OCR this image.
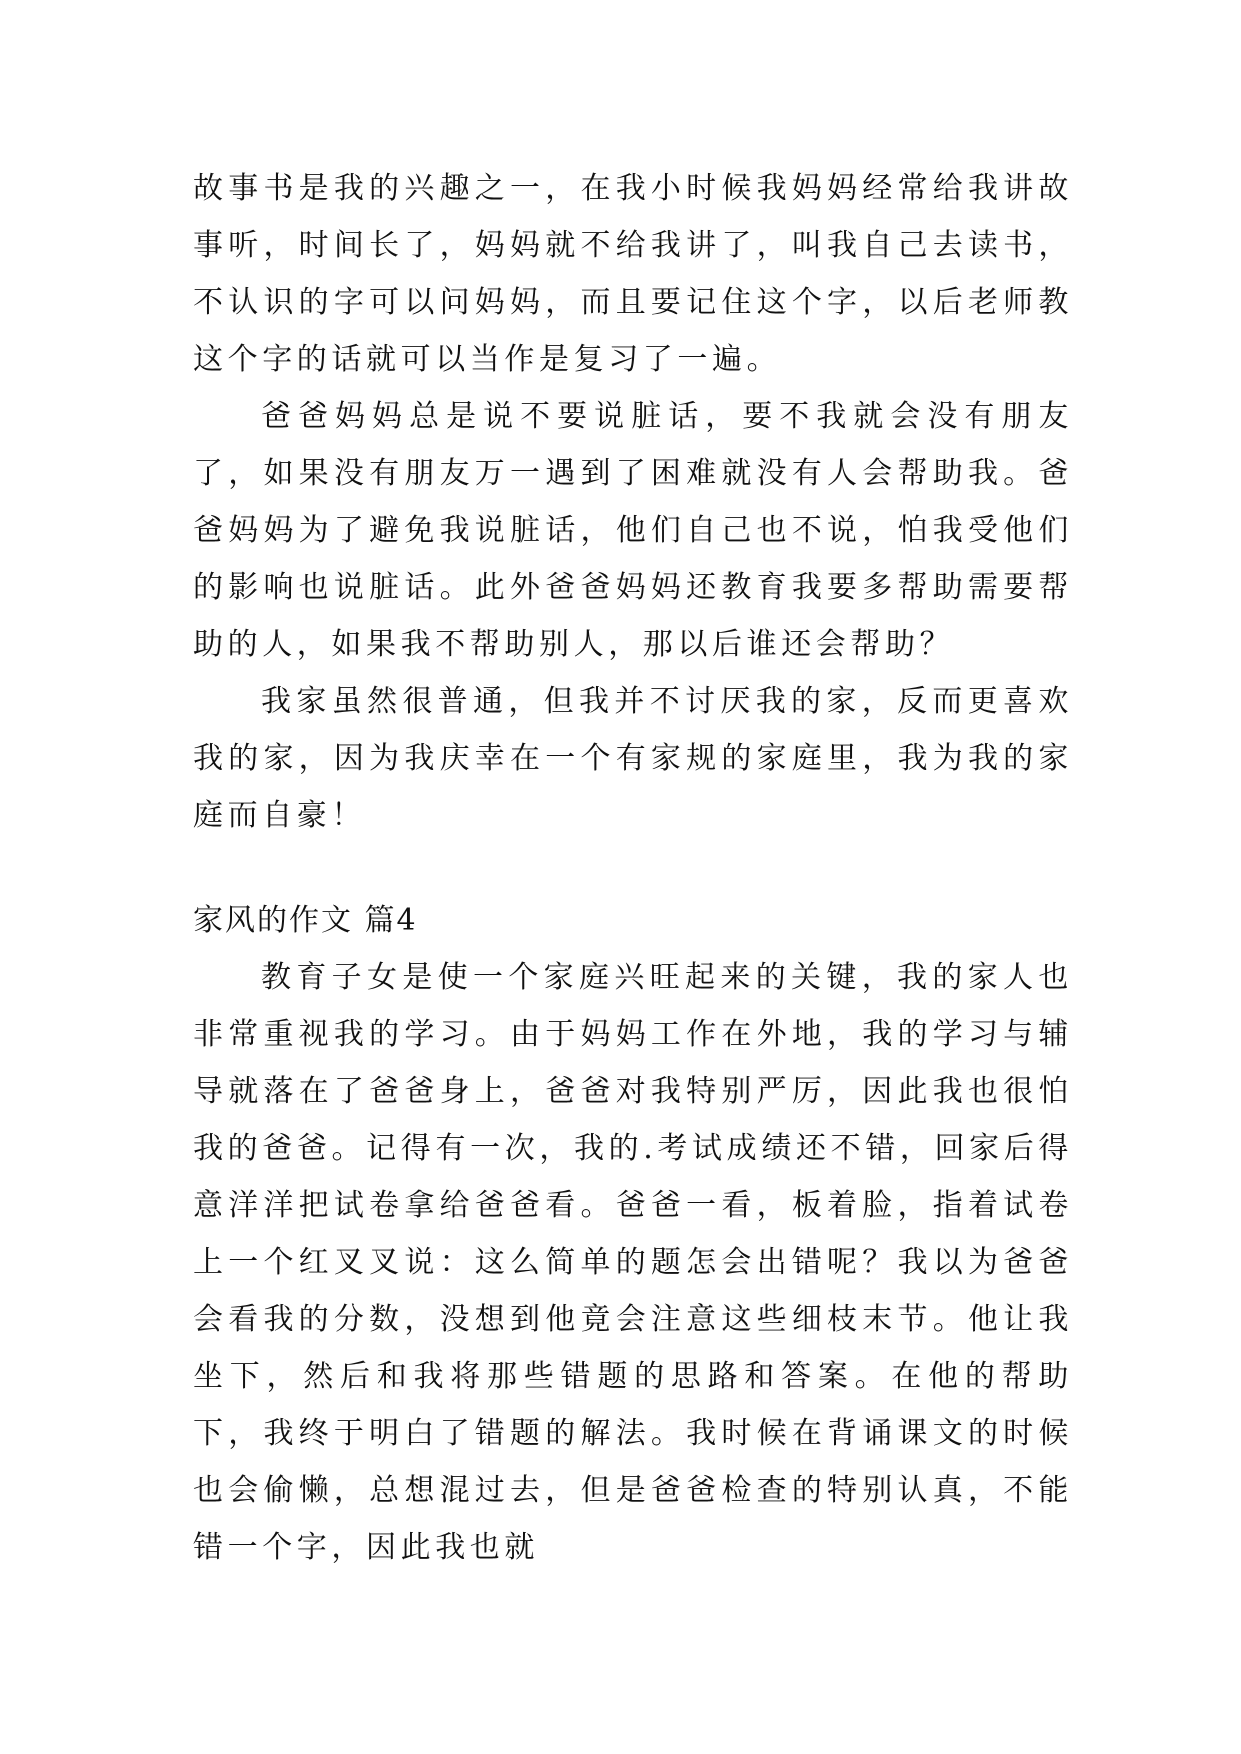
故事书是我的兴趣之一，在我小时候我妈妈经常给我讲故事听，时间长了，妈妈就不给我讲了，叫我自己去读书，不认识的字可以问妈妈，而且要记住这个字，以后老师教这个字的话就可以当作是复习了一遍。

爸爸妈妈总是说不要说脏话，要不我就会没有朋友了，如果没有朋友万一遇到了困难就没有人会帮助我。爸爸妈妈为了避免我说脏话，他们自己也不说，怕我受他们的影响也说脏话。此外爸爸妈妈还教育我要多帮助需要帮助的人，如果我不帮助别人，那以后谁还会帮助？

我家虽然很普通，但我并不讨厌我的家，反而更喜欢我的家，因为我庆幸在一个有家规的家庭里，我为我的家庭而自豪！

家风的作文 篇4

教育子女是使一个家庭兴旺起来的关键，我的家人也非常重视我的学习。由于妈妈工作在外地，我的学习与辅导就落在了爸爸身上，爸爸对我特别严厉，因此我也很怕我的爸爸。记得有一次，我的.考试成绩还不错，回家后得意洋洋把试卷拿给爸爸看。爸爸一看，板着脸，指着试卷上一个红叉叉说：这么简单的题怎会出错呢？我以为爸爸会看我的分数，没想到他竟会注意这些细枝末节。他让我坐下，然后和我将那些错题的思路和答案。在他的帮助下，我终于明白了错题的解法。我时候在背诵课文的时候也会偷懒，总想混过去，但是爸爸检查的特别认真，不能错一个字，因此我也就
